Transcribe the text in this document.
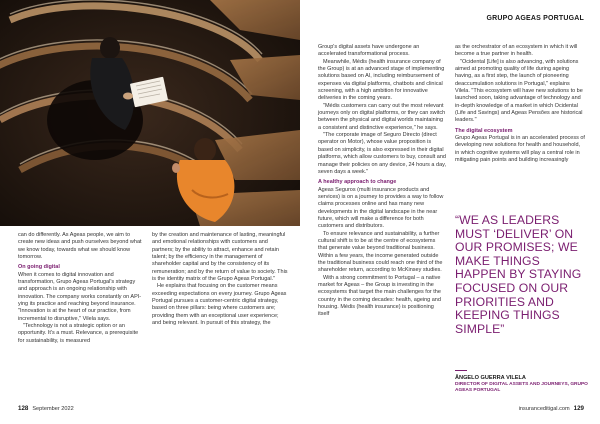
can do differently. As Ageas people, we aim to create new ideas and push ourselves beyond what we know today, towards what we should know tomorrow.

On going digital

When it comes to digital innovation and transformation, Grupo Ageas Portugal's strategy and approach is an ongoing relationship with innovation. The company works constantly on API-ying its practice and reaching beyond insurance. "Innovation is at the heart of our practice, from incremental to disruptive," Vilela says.

"Technology is not a strategic option or an opportunity. It's a must. Relevance, a prerequisite for sustainability, is measured

by the creation and maintenance of lasting, meaningful and emotional relationships with customers and partners; by the ability to attract, enhance and retain talent; by the efficiency in the management of shareholder capital and by the consistency of its remuneration; and by the return of value to society. This is the identity matrix of the Grupo Ageas Portugal."

He explains that focusing on the customer means exceeding expectations on every journey. Grupo Ageas Portugal pursues a customer-centric digital strategy, based on three pillars: being where customers are; providing them with an exceptional user experience; and being relevant. In pursuit of this strategy, the

GRUPO AGEAS PORTUGAL

Group's digital assets have undergone an accelerated transformational process.

Meanwhile, Médis (health insurance company of the Group) is at an advanced stage of implementing solutions based on AI, including reimbursement of expenses via digital platforms, chatbots and clinical screening, with a high ambition for innovative deliveries in the coming years.

"Médis customers can carry out the most relevant journeys only on digital platforms, or they can switch between the physical and digital worlds maintaining a consistent and distinctive experience," he says.

"The corporate image of Seguro Directo (direct operator on Motor), whose value proposition is based on simplicity, is also expressed in their digital platforms, which allow customers to buy, consult and manage their policies on any device, 24 hours a day, seven days a week."

A healthy approach to change

Ageas Seguros (multi insurance products and services) is on a journey to provides a way to follow claims processes online and has many new developments in the digital landscape in the near future, which will make a difference for both customers and distributors.

To ensure relevance and sustainability, a further cultural shift is to be at the centre of ecosystems that generate value beyond traditional business. Within a few years, the income generated outside the traditional business could reach one third of the shareholder return, according to McKinsey studies.

With a strong commitment to Portugal – a native market for Ageas – the Group is investing in the ecosystems that target the main challenges for the country in the coming decades: health, ageing and housing. Médis (health insurance) is positioning itself

as the orchestrator of an ecosystem in which it will become a true partner in health.

"Ocidental [Life] is also advancing, with solutions aimed at promoting quality of life during ageing having, as a first step, the launch of pioneering deaccumulation solutions in Portugal," explains Vilela. "This ecosystem will have new solutions to be launched soon, taking advantage of technology and in-depth knowledge of a market in which Ocidental (Life and Savings) and Ageas Pensões are historical leaders."

The digital ecosystem

Grupo Ageas Portugal is in an accelerated process of developing new solutions for health and household, in which cognitive systems will play a central role in mitigating pain points and building increasingly

“WE AS LEADERS MUST ‘DELIVER’ ON OUR PROMISES; WE MAKE THINGS HAPPEN BY STAYING FOCUSED ON OUR PRIORITIES AND KEEPING THINGS SIMPLE”
ÂNGELO GUERRA VILELA
DIRECTOR OF DIGITAL ASSETS AND JOURNEYS, GRUPO AGEAS PORTUGAL
128 September 2022	insuranceditigal.com 129
